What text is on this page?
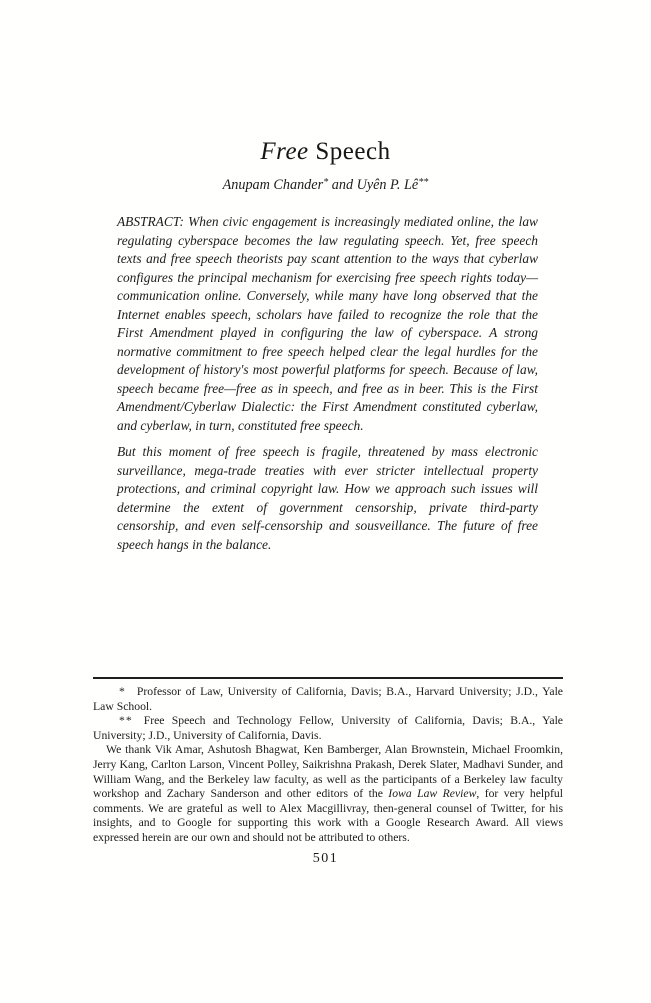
Free Speech
Anupam Chander* and Uyên P. Lê**

ABSTRACT: When civic engagement is increasingly mediated online, the law regulating cyberspace becomes the law regulating speech. Yet, free speech texts and free speech theorists pay scant attention to the ways that cyberlaw configures the principal mechanism for exercising free speech rights today—communication online. Conversely, while many have long observed that the Internet enables speech, scholars have failed to recognize the role that the First Amendment played in configuring the law of cyberspace. A strong normative commitment to free speech helped clear the legal hurdles for the development of history's most powerful platforms for speech. Because of law, speech became free—free as in speech, and free as in beer. This is the First Amendment/Cyberlaw Dialectic: the First Amendment constituted cyberlaw, and cyberlaw, in turn, constituted free speech.

But this moment of free speech is fragile, threatened by mass electronic surveillance, mega-trade treaties with ever stricter intellectual property protections, and criminal copyright law. How we approach such issues will determine the extent of government censorship, private third-party censorship, and even self-censorship and sousveillance. The future of free speech hangs in the balance.

* Professor of Law, University of California, Davis; B.A., Harvard University; J.D., Yale Law School.

** Free Speech and Technology Fellow, University of California, Davis; B.A., Yale University; J.D., University of California, Davis.

We thank Vik Amar, Ashutosh Bhagwat, Ken Bamberger, Alan Brownstein, Michael Froomkin, Jerry Kang, Carlton Larson, Vincent Polley, Saikrishna Prakash, Derek Slater, Madhavi Sunder, and William Wang, and the Berkeley law faculty, as well as the participants of a Berkeley law faculty workshop and Zachary Sanderson and other editors of the Iowa Law Review, for very helpful comments. We are grateful as well to Alex Macgillivray, then-general counsel of Twitter, for his insights, and to Google for supporting this work with a Google Research Award. All views expressed herein are our own and should not be attributed to others.

501
